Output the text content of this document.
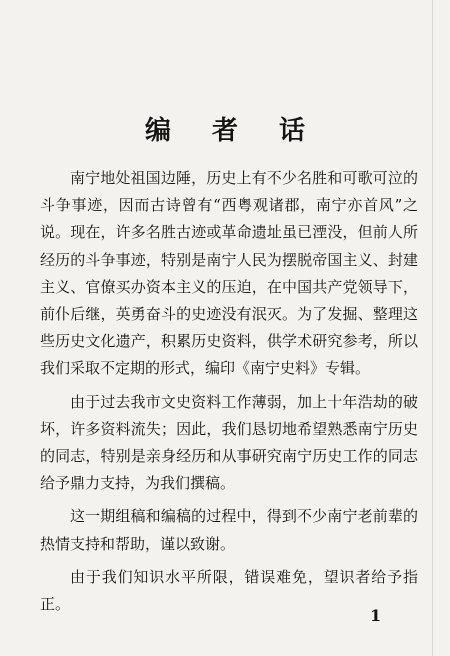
编 者 话

南宁地处祖国边陲，历史上有不少名胜和可歌可泣的斗争事迹，因而古诗曾有“西粤观诸郡，南宁亦首风”之说。现在，许多名胜古迹或革命遗址虽已湮没，但前人所经历的斗争事迹，特别是南宁人民为摆脱帝国主义、封建主义、官僚买办资本主义的压迫，在中国共产党领导下，前仆后继，英勇奋斗的史迹没有泯灭。为了发掘、整理这些历史文化遗产，积累历史资料，供学术研究参考，所以我们采取不定期的形式，编印《南宁史料》专辑。

由于过去我市文史资料工作薄弱，加上十年浩劫的破坏，许多资料流失；因此，我们恳切地希望熟悉南宁历史的同志，特别是亲身经历和从事研究南宁历史工作的同志给予鼎力支持，为我们撰稿。

这一期组稿和编稿的过程中，得到不少南宁老前辈的热情支持和帮助，谨以致谢。

由于我们知识水平所限，错误难免，望识者给予指正。

1
